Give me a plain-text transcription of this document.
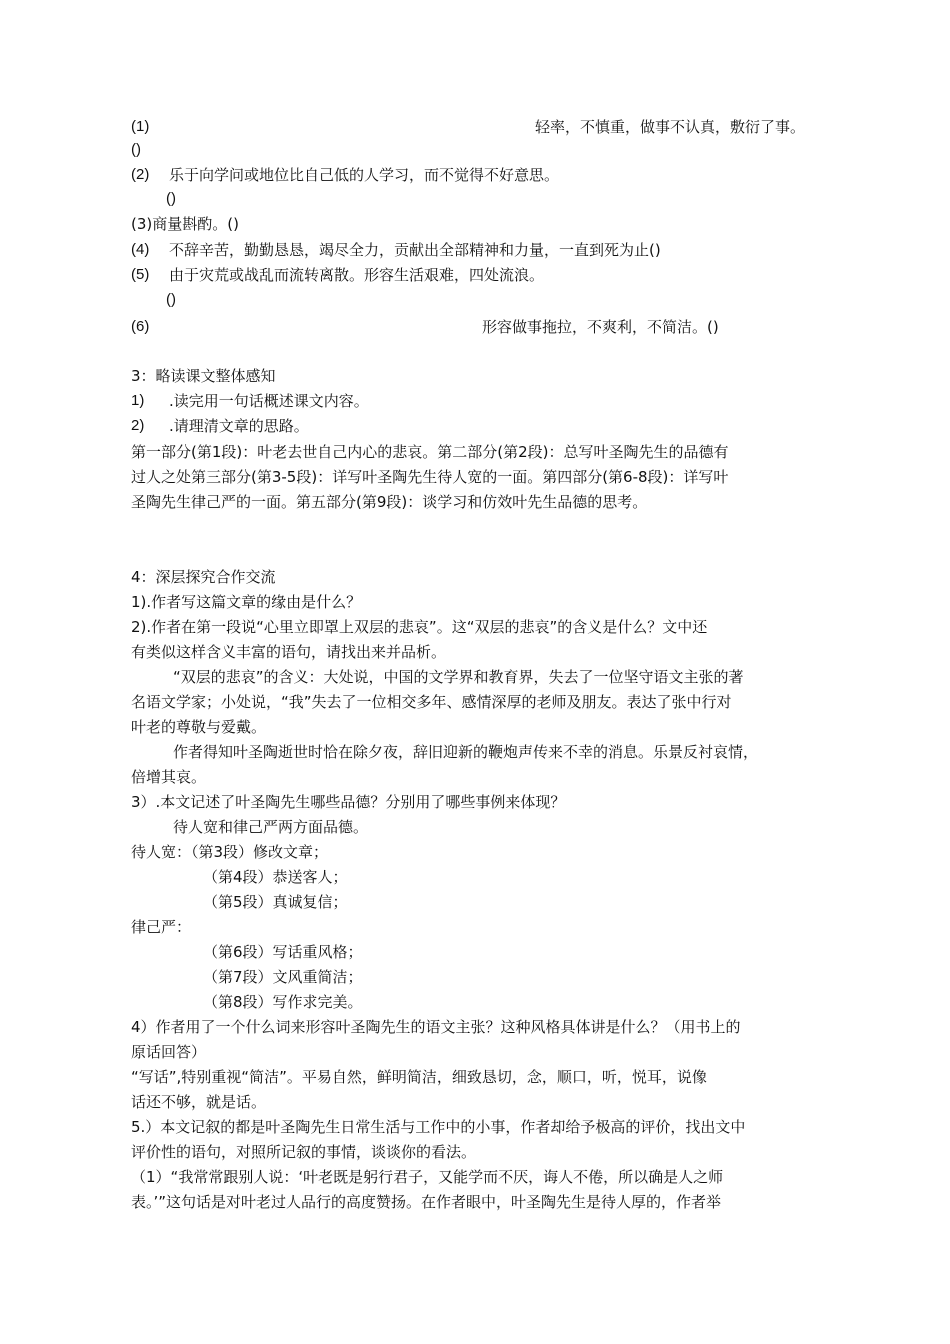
(1)	轻率，不慎重，做事不认真，敷衍了事。
()
(2) 乐于向学问或地位比自己低的人学习，而不觉得不好意思。
()
(3)商量斟酌。()
(4) 不辞辛苦，勤勤恳恳，竭尽全力，贡献出全部精神和力量，一直到死为止()
(5) 由于灾荒或战乱而流转离散。形容生活艰难，四处流浪。
()
(6)	形容做事拖拉，不爽利，不简洁。()
3：略读课文整体感知
1) .读完用一句话概述课文内容。
2) .请理清文章的思路。
第一部分(第1段)：叶老去世自己内心的悲哀。第二部分(第2段)：总写叶圣陶先生的品德有
过人之处第三部分(第3-5段)：详写叶圣陶先生待人宽的一面。第四部分(第6-8段)：详写叶
圣陶先生律己严的一面。第五部分(第9段)：谈学习和仿效叶先生品德的思考。
4：深层探究合作交流
1).作者写这篇文章的缘由是什么？
2).作者在第一段说“心里立即罩上双层的悲哀”。这“双层的悲哀”的含义是什么？文中还
有类似这样含义丰富的语句，请找出来并品析。
“双层的悲哀”的含义：大处说，中国的文学界和教育界，失去了一位坚守语文主张的著
名语文学家；小处说，“我”失去了一位相交多年、感情深厚的老师及朋友。表达了张中行对
叶老的尊敬与爱戴。
作者得知叶圣陶逝世时恰在除夕夜，辞旧迎新的鞭炮声传来不幸的消息。乐景反衬哀情，
倍增其哀。
3）.本文记述了叶圣陶先生哪些品德？分别用了哪些事例来体现？
待人宽和律己严两方面品德。
待人宽：（第3段）修改文章；
（第4段）恭送客人；
（第5段）真诚复信；
律己严：
（第6段）写话重风格；
（第7段）文风重简洁；
（第8段）写作求完美。
4）作者用了一个什么词来形容叶圣陶先生的语文主张？这种风格具体讲是什么？（用书上的
原话回答）
“写话”,特别重视“简洁”。平易自然，鲜明简洁，细致恳切，念，顺口，听，悦耳，说像
话还不够，就是话。
5.）本文记叙的都是叶圣陶先生日常生活与工作中的小事，作者却给予极高的评价，找出文中
评价性的语句，对照所记叙的事情，谈谈你的看法。
（1）“我常常跟别人说：‘叶老既是躬行君子，又能学而不厌，诲人不倦，所以确是人之师
表。’”这句话是对叶老过人品行的高度赞扬。在作者眼中，叶圣陶先生是待人厚的，作者举
